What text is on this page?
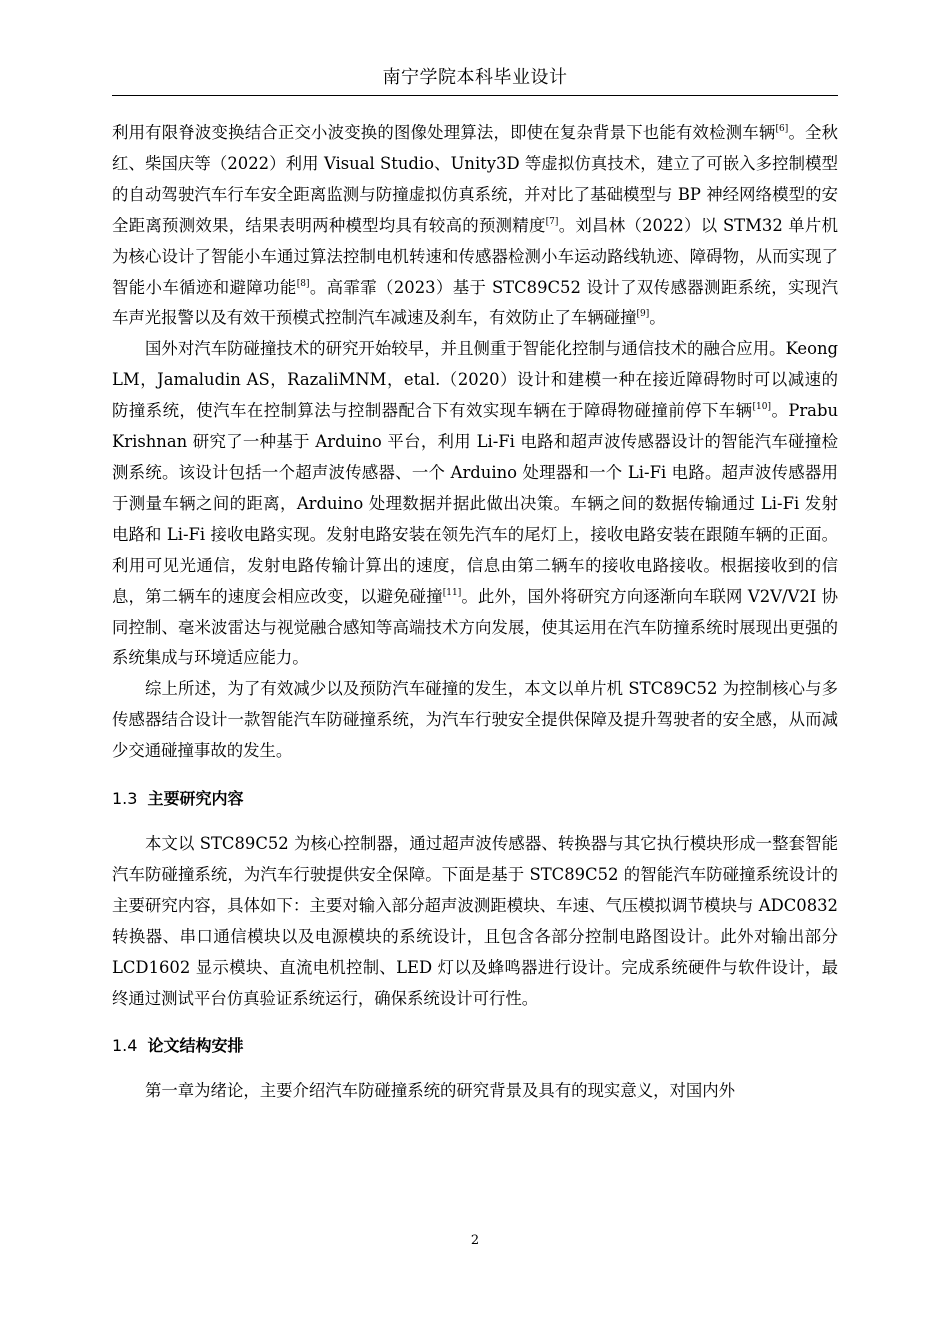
南宁学院本科毕业设计

利用有限脊波变换结合正交小波变换的图像处理算法，即使在复杂背景下也能有效检测车辆[6]。全秋红、柴国庆等（2022）利用 Visual Studio、Unity3D 等虚拟仿真技术，建立了可嵌入多控制模型的自动驾驶汽车行车安全距离监测与防撞虚拟仿真系统，并对比了基础模型与 BP 神经网络模型的安全距离预测效果，结果表明两种模型均具有较高的预测精度[7]。刘昌林（2022）以 STM32 单片机为核心设计了智能小车通过算法控制电机转速和传感器检测小车运动路线轨迹、障碍物，从而实现了智能小车循迹和避障功能[8]。高霏霏（2023）基于 STC89C52 设计了双传感器测距系统，实现汽车声光报警以及有效干预模式控制汽车减速及刹车，有效防止了车辆碰撞[9]。

国外对汽车防碰撞技术的研究开始较早，并且侧重于智能化控制与通信技术的融合应用。Keong LM，Jamaludin AS，RazaliMNM，etal.（2020）设计和建模一种在接近障碍物时可以减速的防撞系统，使汽车在控制算法与控制器配合下有效实现车辆在于障碍物碰撞前停下车辆[10]。Prabu Krishnan 研究了一种基于 Arduino 平台，利用 Li-Fi 电路和超声波传感器设计的智能汽车碰撞检测系统。该设计包括一个超声波传感器、一个 Arduino 处理器和一个 Li-Fi 电路。超声波传感器用于测量车辆之间的距离，Arduino 处理数据并据此做出决策。车辆之间的数据传输通过 Li-Fi 发射电路和 Li-Fi 接收电路实现。发射电路安装在领先汽车的尾灯上，接收电路安装在跟随车辆的正面。利用可见光通信，发射电路传输计算出的速度，信息由第二辆车的接收电路接收。根据接收到的信息，第二辆车的速度会相应改变，以避免碰撞[11]。此外，国外将研究方向逐渐向车联网 V2V/V2I 协同控制、毫米波雷达与视觉融合感知等高端技术方向发展，使其运用在汽车防撞系统时展现出更强的系统集成与环境适应能力。

综上所述，为了有效减少以及预防汽车碰撞的发生，本文以单片机 STC89C52 为控制核心与多传感器结合设计一款智能汽车防碰撞系统，为汽车行驶安全提供保障及提升驾驶者的安全感，从而减少交通碰撞事故的发生。

1.3 主要研究内容

本文以 STC89C52 为核心控制器，通过超声波传感器、转换器与其它执行模块形成一整套智能汽车防碰撞系统，为汽车行驶提供安全保障。下面是基于 STC89C52 的智能汽车防碰撞系统设计的主要研究内容，具体如下：主要对输入部分超声波测距模块、车速、气压模拟调节模块与 ADC0832 转换器、串口通信模块以及电源模块的系统设计，且包含各部分控制电路图设计。此外对输出部分 LCD1602 显示模块、直流电机控制、LED 灯以及蜂鸣器进行设计。完成系统硬件与软件设计，最终通过测试平台仿真验证系统运行，确保系统设计可行性。

1.4 论文结构安排

第一章为绪论，主要介绍汽车防碰撞系统的研究背景及具有的现实意义，对国内外

2
